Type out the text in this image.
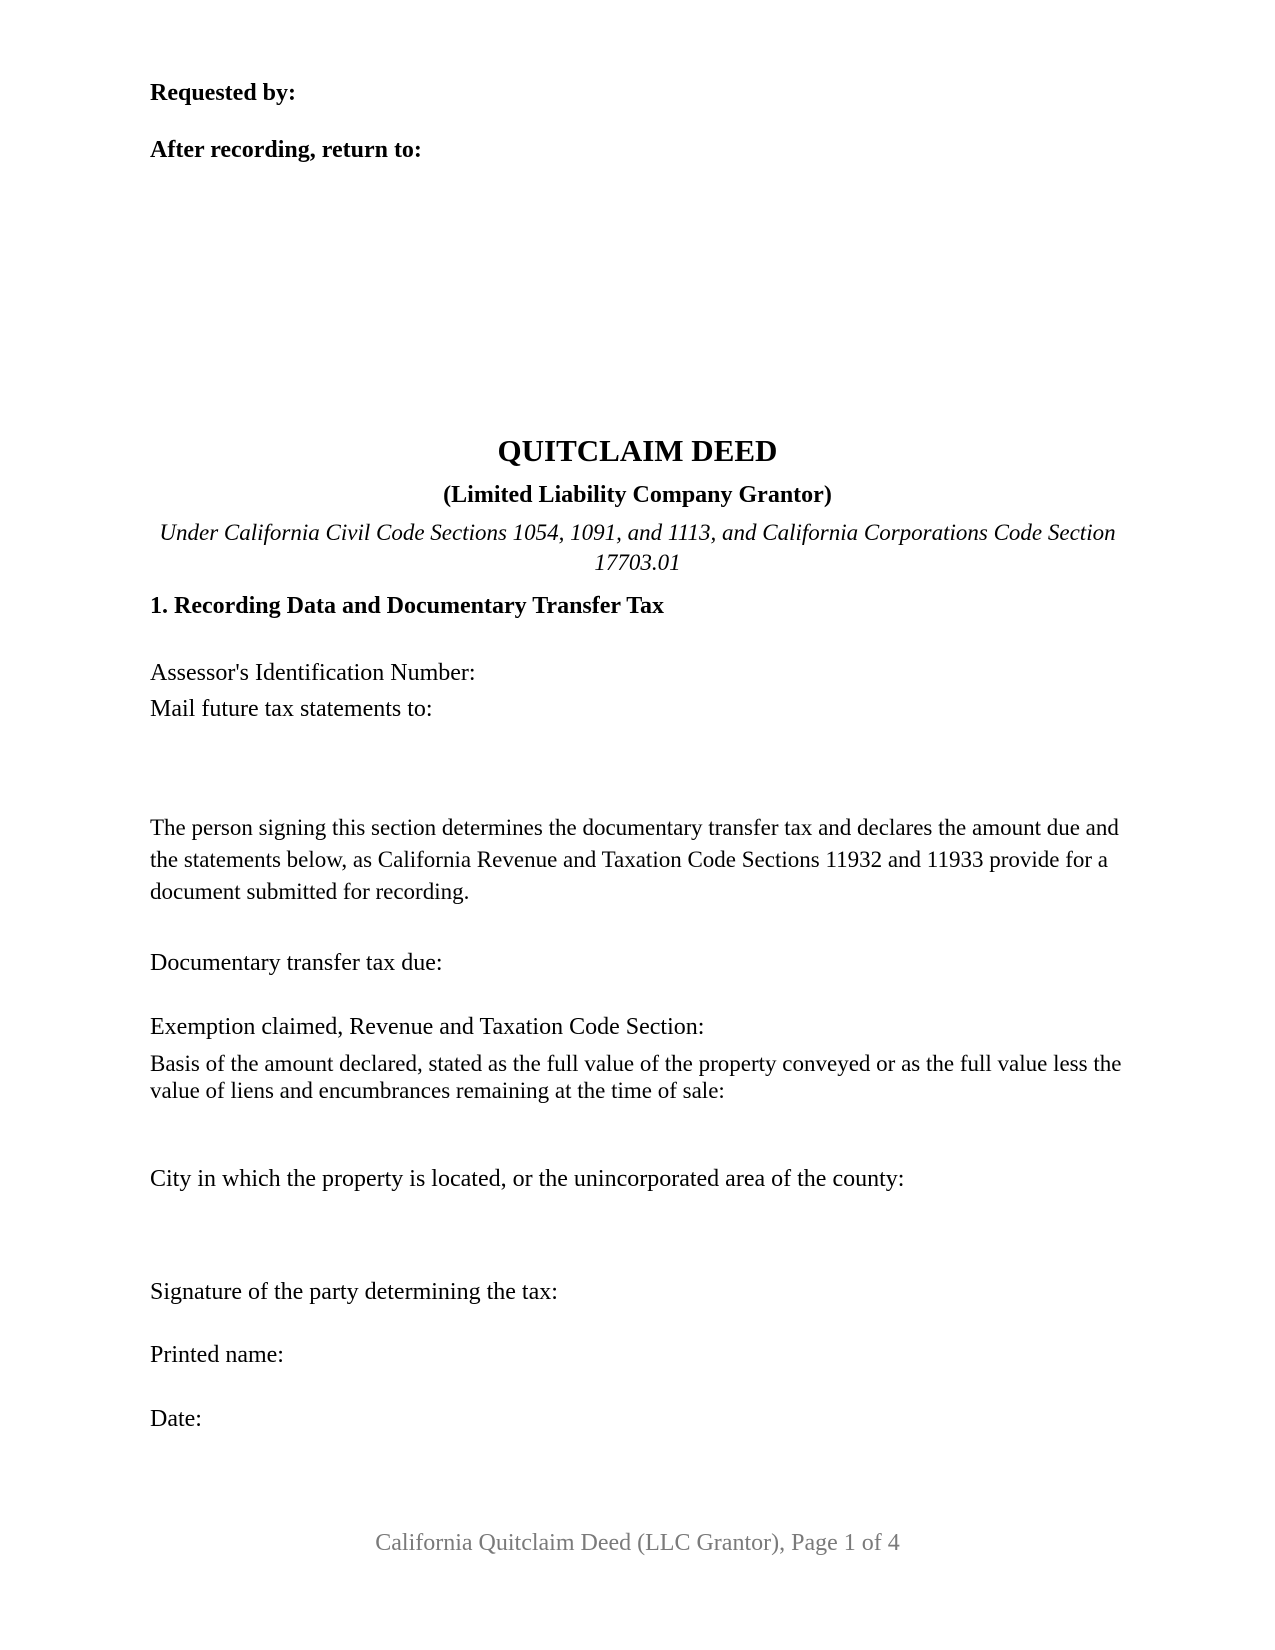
Requested by:
After recording, return to:
QUITCLAIM DEED
(Limited Liability Company Grantor)
Under California Civil Code Sections 1054, 1091, and 1113, and California Corporations Code Section 17703.01
1. Recording Data and Documentary Transfer Tax
Assessor's Identification Number:
Mail future tax statements to:
The person signing this section determines the documentary transfer tax and declares the amount due and the statements below, as California Revenue and Taxation Code Sections 11932 and 11933 provide for a document submitted for recording.
Documentary transfer tax due:
Exemption claimed, Revenue and Taxation Code Section:
Basis of the amount declared, stated as the full value of the property conveyed or as the full value less the value of liens and encumbrances remaining at the time of sale:
City in which the property is located, or the unincorporated area of the county:
Signature of the party determining the tax:
Printed name:
Date:
California Quitclaim Deed (LLC Grantor), Page 1 of 4
